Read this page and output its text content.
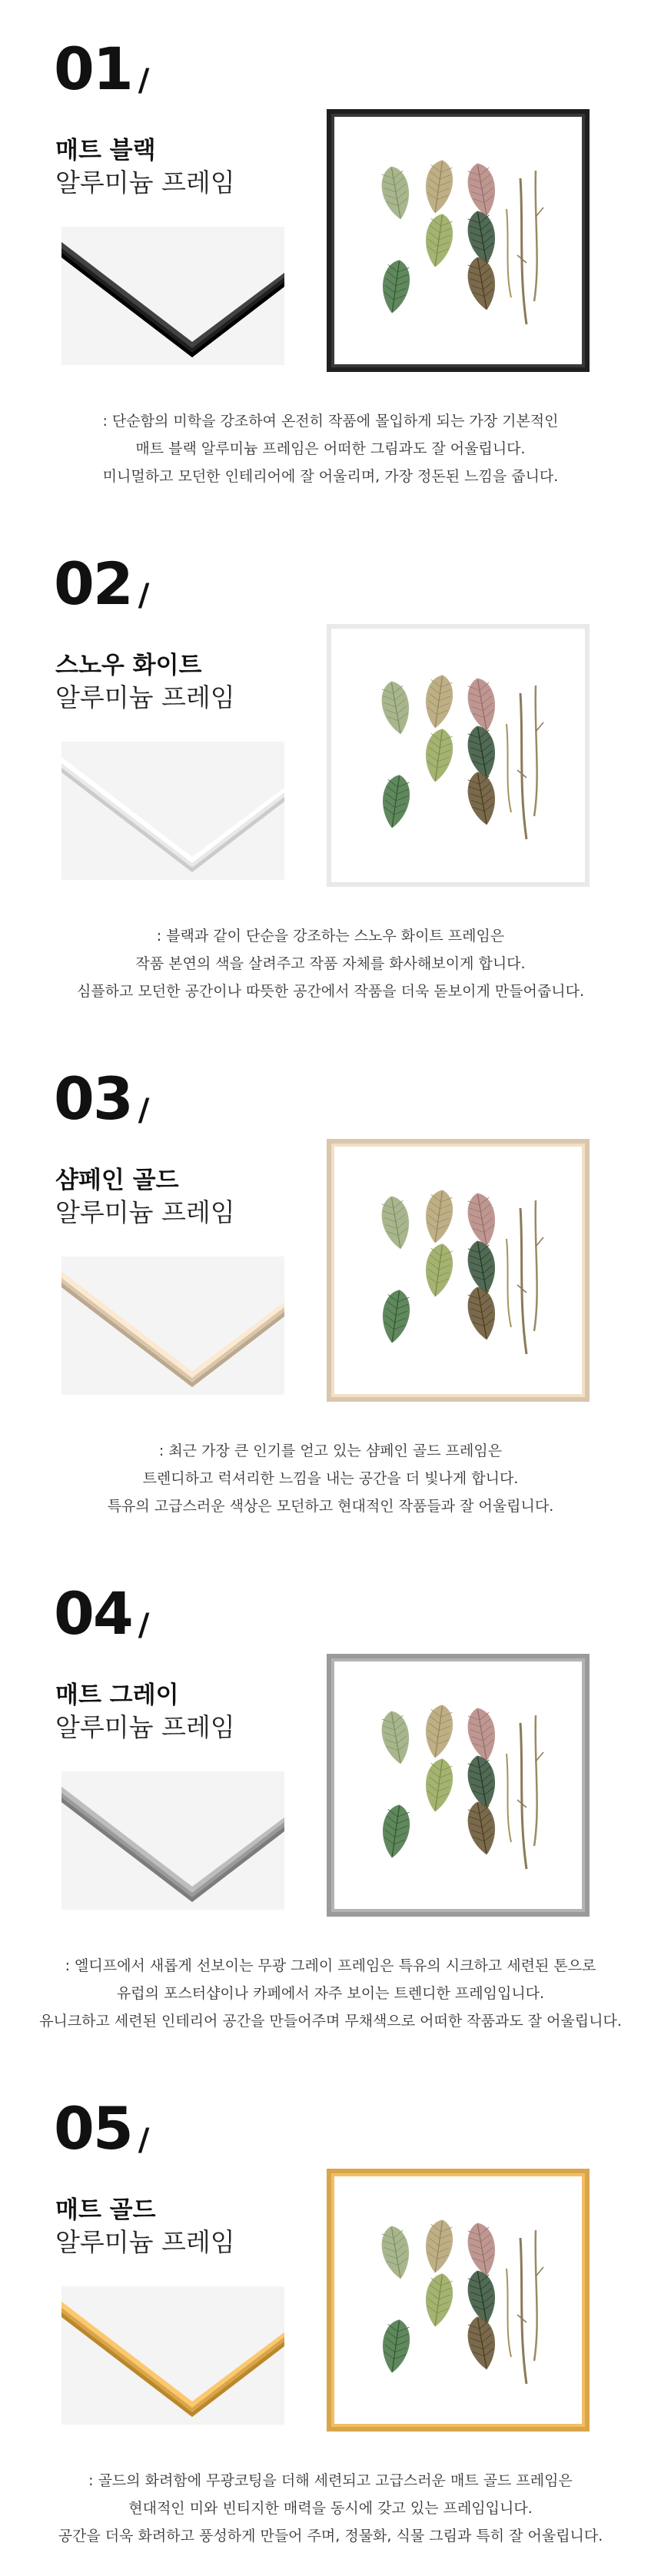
01 /
매트 블랙
알루미늄 프레임
: 단순함의 미학을 강조하여 온전히 작품에 몰입하게 되는 가장 기본적인
매트 블랙 알루미늄 프레임은 어떠한 그림과도 잘 어울립니다.
미니멀하고 모던한 인테리어에 잘 어울리며, 가장 정돈된 느낌을 줍니다.
02 /
스노우 화이트
알루미늄 프레임
: 블랙과 같이 단순을 강조하는 스노우 화이트 프레임은
작품 본연의 색을 살려주고 작품 자체를 화사해보이게 합니다.
심플하고 모던한 공간이나 따뜻한 공간에서 작품을 더욱 돋보이게 만들어줍니다.
03 /
샴페인 골드
알루미늄 프레임
: 최근 가장 큰 인기를 얻고 있는 샴페인 골드 프레임은
트렌디하고 럭셔리한 느낌을 내는 공간을 더 빛나게 합니다.
특유의 고급스러운 색상은 모던하고 현대적인 작품들과 잘 어울립니다.
04 /
매트 그레이
알루미늄 프레임
: 엘디프에서 새롭게 선보이는 무광 그레이 프레임은 특유의 시크하고 세련된 톤으로
유럽의 포스터샵이나 카페에서 자주 보이는 트렌디한 프레임입니다.
유니크하고 세련된 인테리어 공간을 만들어주며 무채색으로 어떠한 작품과도 잘 어울립니다.
05 /
매트 골드
알루미늄 프레임
: 골드의 화려함에 무광코팅을 더해 세련되고 고급스러운 매트 골드 프레임은
현대적인 미와 빈티지한 매력을 동시에 갖고 있는 프레임입니다.
공간을 더욱 화려하고 풍성하게 만들어 주며, 정물화, 식물 그림과 특히 잘 어울립니다.
